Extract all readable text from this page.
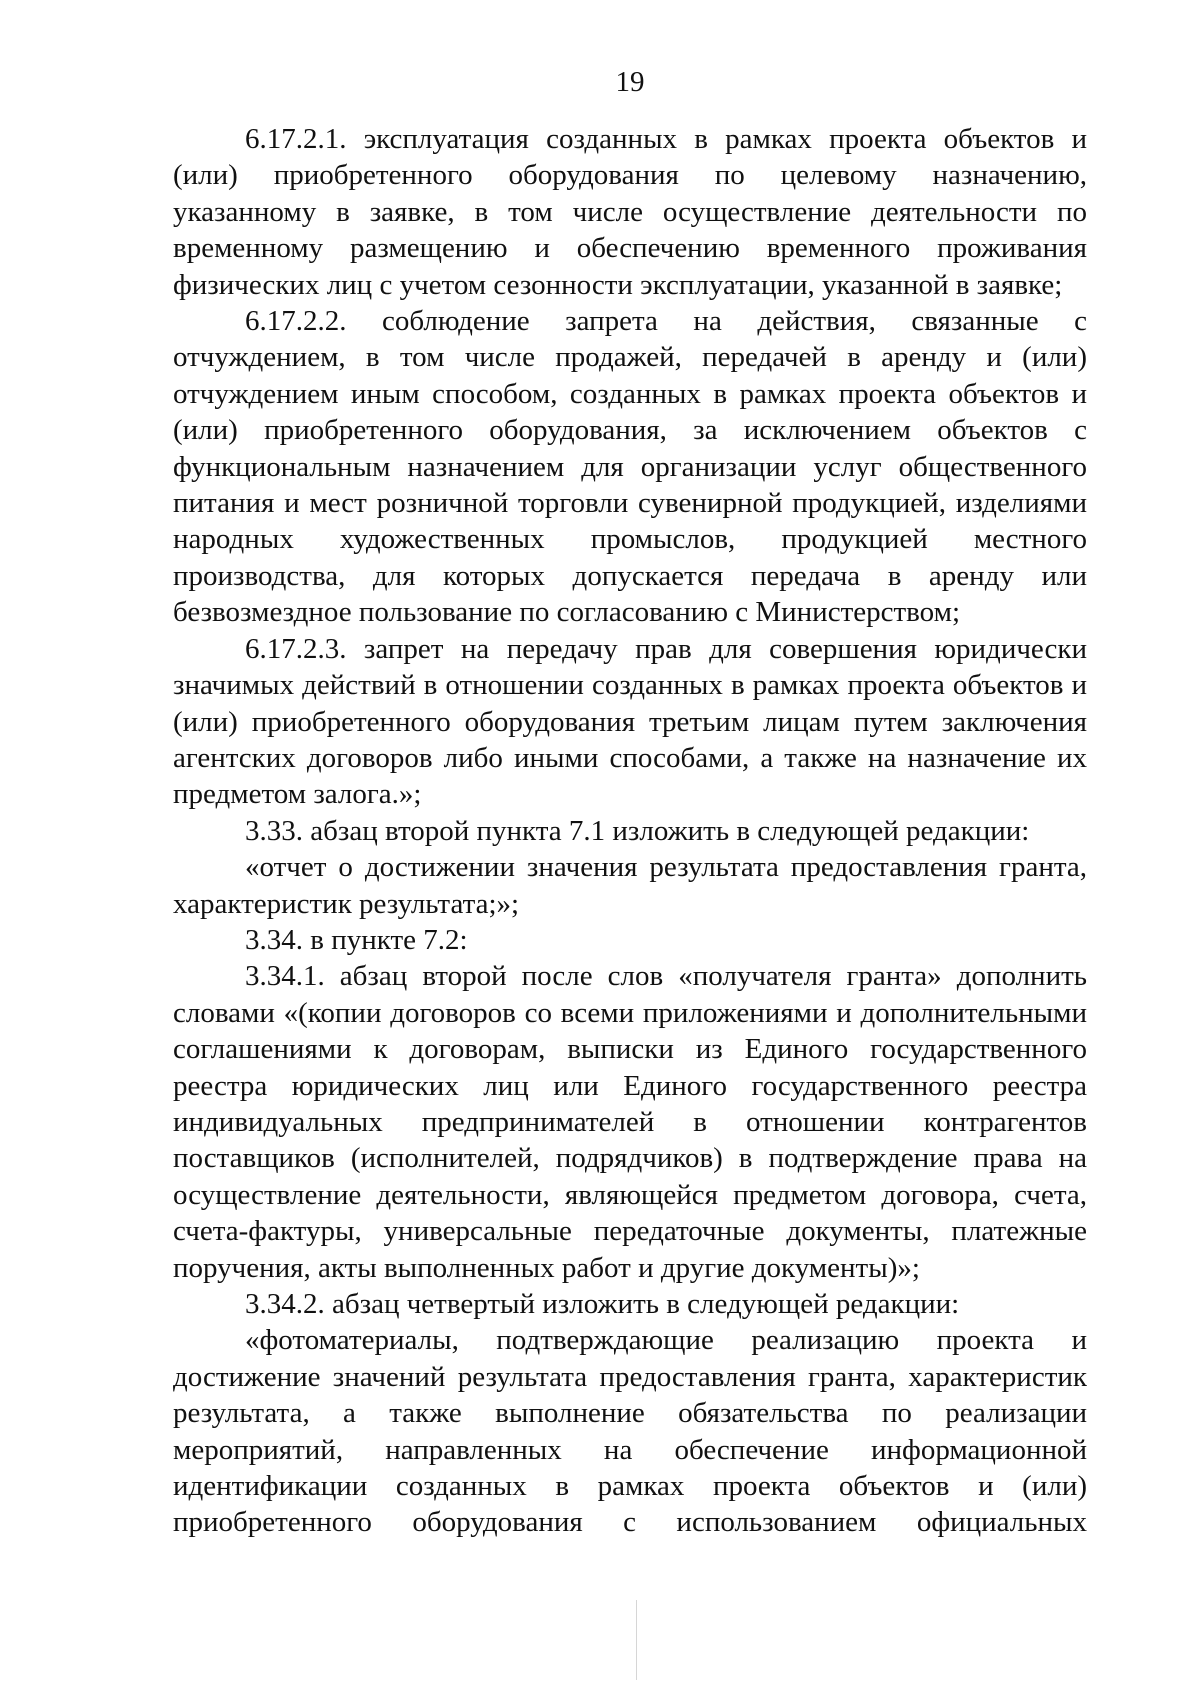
19

6.17.2.1. эксплуатация созданных в рамках проекта объектов и (или) приобретенного оборудования по целевому назначению, указанному в заявке, в том числе осуществление деятельности по временному размещению и обеспечению временного проживания физических лиц с учетом сезонности эксплуатации, указанной в заявке;

6.17.2.2. соблюдение запрета на действия, связанные с отчуждением, в том числе продажей, передачей в аренду и (или) отчуждением иным способом, созданных в рамках проекта объектов и (или) приобретенного оборудования, за исключением объектов с функциональным назначением для организации услуг общественного питания и мест розничной торговли сувенирной продукцией, изделиями народных художественных промыслов, продукцией местного производства, для которых допускается передача в аренду или безвозмездное пользование по согласованию с Министерством;

6.17.2.3. запрет на передачу прав для совершения юридически значимых действий в отношении созданных в рамках проекта объектов и (или) приобретенного оборудования третьим лицам путем заключения агентских договоров либо иными способами, а также на назначение их предметом залога.»;

3.33. абзац второй пункта 7.1 изложить в следующей редакции:

«отчет о достижении значения результата предоставления гранта, характеристик результата;»;

3.34. в пункте 7.2:

3.34.1. абзац второй после слов «получателя гранта» дополнить словами «(копии договоров со всеми приложениями и дополнительными соглашениями к договорам, выписки из Единого государственного реестра юридических лиц или Единого государственного реестра индивидуальных предпринимателей в отношении контрагентов поставщиков (исполнителей, подрядчиков) в подтверждение права на осуществление деятельности, являющейся предметом договора, счета, счета-фактуры, универсальные передаточные документы, платежные поручения, акты выполненных работ и другие документы)»;

3.34.2. абзац четвертый изложить в следующей редакции:

«фотоматериалы, подтверждающие реализацию проекта и достижение значений результата предоставления гранта, характеристик результата, а также выполнение обязательства по реализации мероприятий, направленных на обеспечение информационной идентификации созданных в рамках проекта объектов и (или) приобретенного оборудования с использованием официальных
